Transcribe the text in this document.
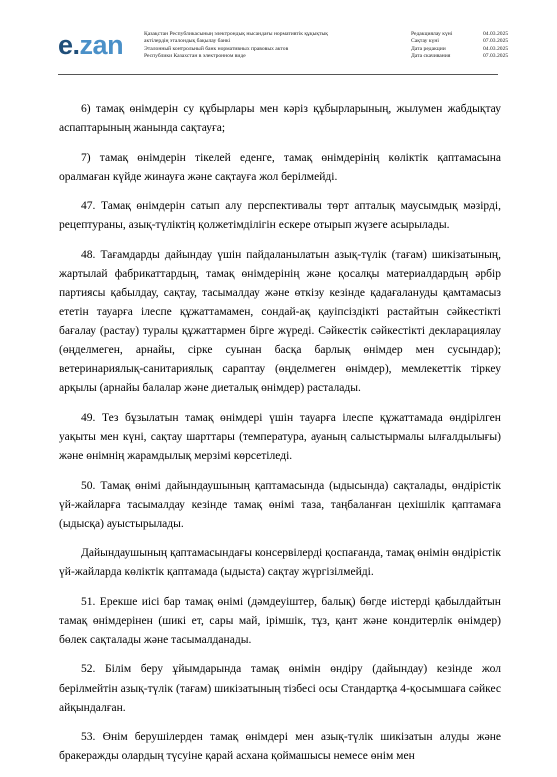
e.zan	Қазақстан Республикасының электрондық нысандағы нормативтік құқықтық
актілердің эталондық бақылау банкі
Эталонный контрольный банк нормативных правовых актов
Республики Казахстан в электронном виде
Редакциялау күні	04.03.2025
Сақтау күні	07.03.2025
Дата редакции	04.03.2025
Дата скачивания	07.03.2025

6) тамақ өнімдерін су құбырлары мен кәріз құбырларының, жылумен жабдықтау аспаптарының жанында сақтауға;

7) тамақ өнімдерін тікелей еденге, тамақ өнімдерінің көліктік қаптамасына оралмаған күйде жинауға және сақтауға жол берілмейді.

47. Тамақ өнімдерін сатып алу перспективалы төрт апталық маусымдық мәзірді, рецептураны, азық-түліктің қолжетімділігін ескере отырып жүзеге асырылады.

48. Тағамдарды дайындау үшін пайдаланылатын азық-түлік (тағам) шикізатының, жартылай фабрикаттардың, тамақ өнімдерінің және қосалқы материалдардың әрбір партиясы қабылдау, сақтау, тасымалдау және өткізу кезінде қадағалануды қамтамасыз ететін тауарға ілеспе құжаттамамен, сондай-ақ қауіпсіздікті растайтын сәйкестікті бағалау (растау) туралы құжаттармен бірге жүреді. Сәйкестік сәйкестікті декларациялау (өңделмеген, арнайы, сірке суынан басқа барлық өнімдер мен сусындар); ветеринариялық-санитариялық сараптау (өңделмеген өнімдер), мемлекеттік тіркеу арқылы (арнайы балалар және диеталық өнімдер) расталады.

49. Тез бұзылатын тамақ өнімдері үшін тауарға ілеспе құжаттамада өндірілген уақыты мен күні, сақтау шарттары (температура, ауаның салыстырмалы ылғалдылығы) және өнімнің жарамдылық мерзімі көрсетіледі.

50. Тамақ өнімі дайындаушының қаптамасында (ыдысында) сақталады, өндірістік үй-жайларға тасымалдау кезінде тамақ өнімі таза, таңбаланған цехішілік қаптамаға (ыдысқа) ауыстырылады.

Дайындаушының қаптамасындағы консервілерді қоспағанда, тамақ өнімін өндірістік үй-жайларда көліктік қаптамада (ыдыста) сақтау жүргізілмейді.

51. Ерекше иісі бар тамақ өнімі (дәмдеуіштер, балық) бөгде иістерді қабылдайтын тамақ өнімдерінен (шикі ет, сары май, ірімшік, тұз, қант және кондитерлік өнімдер) бөлек сақталады және тасымалданады.

52. Білім беру ұйымдарында тамақ өнімін өндіру (дайындау) кезінде жол берілмейтін азық-түлік (тағам) шикізатының тізбесі осы Стандартқа 4-қосымшаға сәйкес айқындалған.

53. Өнім берушілерден тамақ өнімдері мен азық-түлік шикізатын алуды және бракеражды олардың түсуіне қарай асхана қоймашысы немесе өнім мен
